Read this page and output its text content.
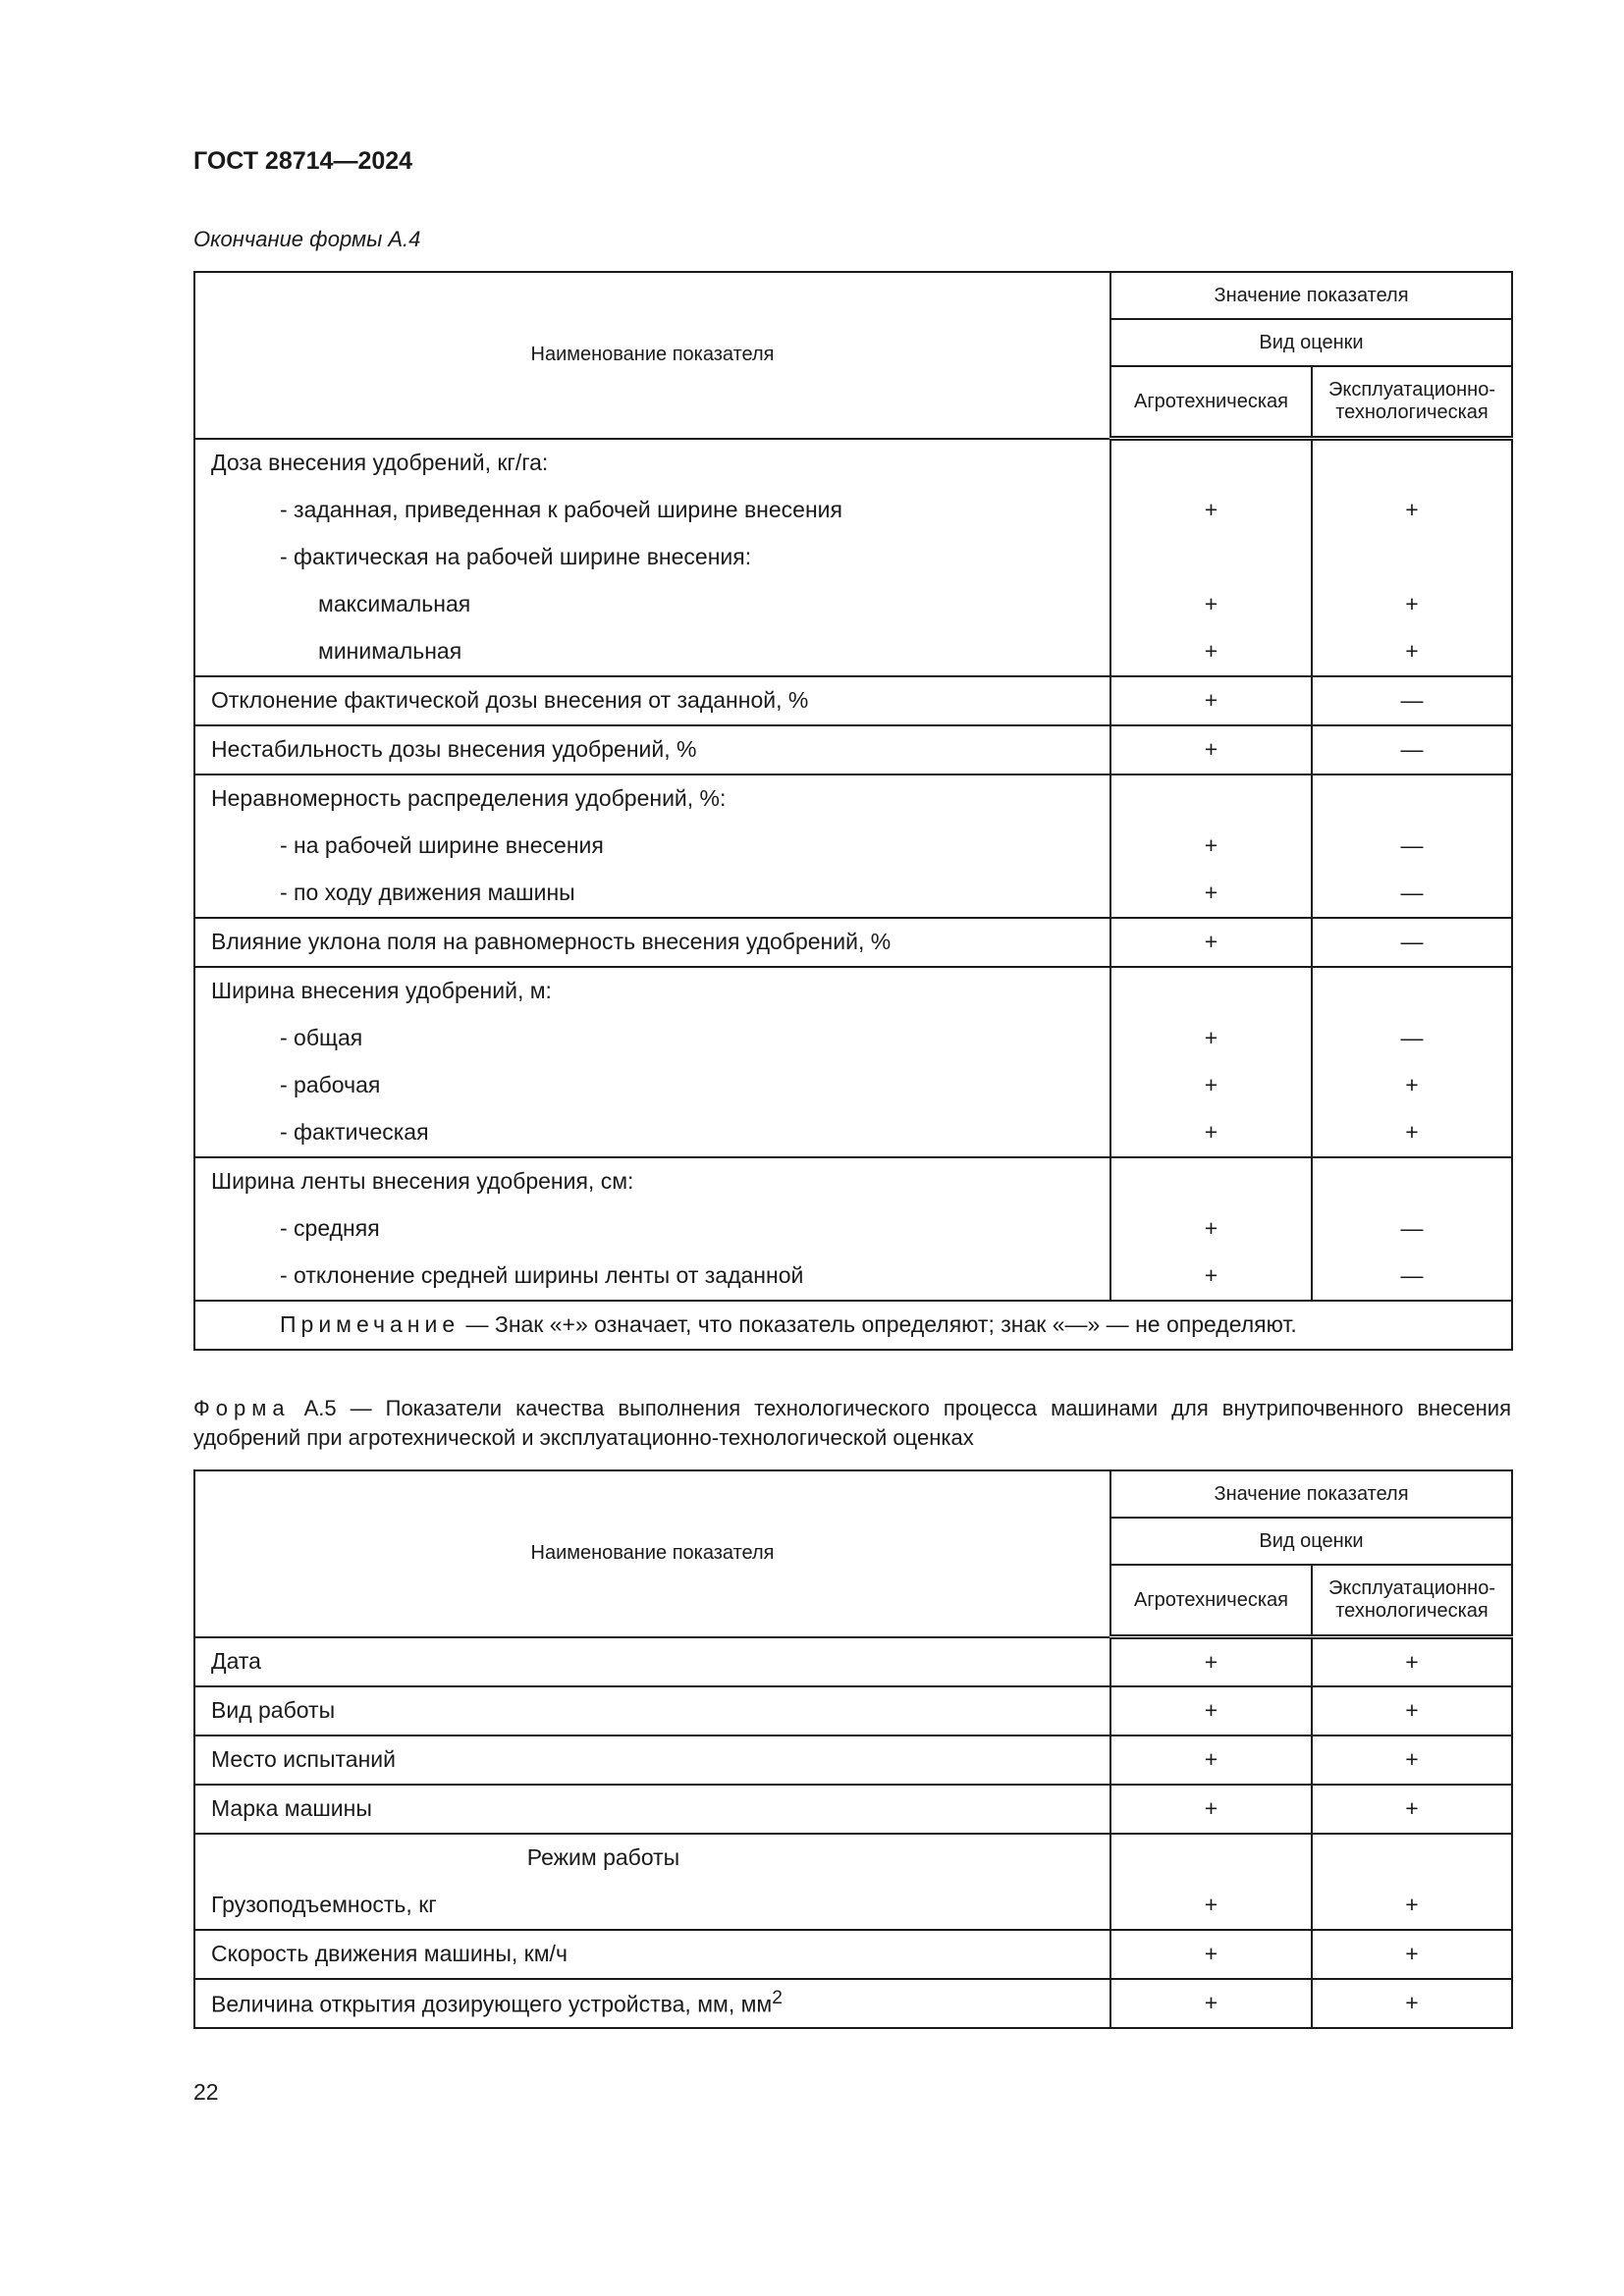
ГОСТ 28714—2024
Окончание формы А.4
Наименование показателя	Значение показателя	
	Вид оценки	
	Агротехническая	Эксплуатационно-
технологическая
Доза внесения удобрений, кг/га:		
- заданная, приведенная к рабочей ширине внесения	+	+
- фактическая на рабочей ширине внесения:		
максимальная	+	+
минимальная	+	+
Отклонение фактической дозы внесения от заданной, %	+	—
Нестабильность дозы внесения удобрений, %	+	—
Неравномерность распределения удобрений, %:		
- на рабочей ширине внесения	+	—
- по ходу движения машины	+	—
Влияние уклона поля на равномерность внесения удобрений, %	+	—
Ширина внесения удобрений, м:		
- общая	+	—
- рабочая	+	+
- фактическая	+	+
Ширина ленты внесения удобрения, см:		
- средняя	+	—
- отклонение средней ширины ленты от заданной	+	—
Примечание — Знак «+» означает, что показатель определяют; знак «—» — не определяют.		
Форма А.5 — Показатели качества выполнения технологического процесса машинами для внутрипочвенного внесения удобрений при агротехнической и эксплуатационно-технологической оценках
Наименование показателя	Значение показателя	
	Вид оценки	
	Агротехническая	Эксплуатационно-
технологическая
Дата	+	+
Вид работы	+	+
Место испытаний	+	+
Марка машины	+	+
Режим работы		
Грузоподъемность, кг	+	+
Скорость движения машины, км/ч	+	+
Величина открытия дозирующего устройства, мм, $мм^2$	+	+
22
